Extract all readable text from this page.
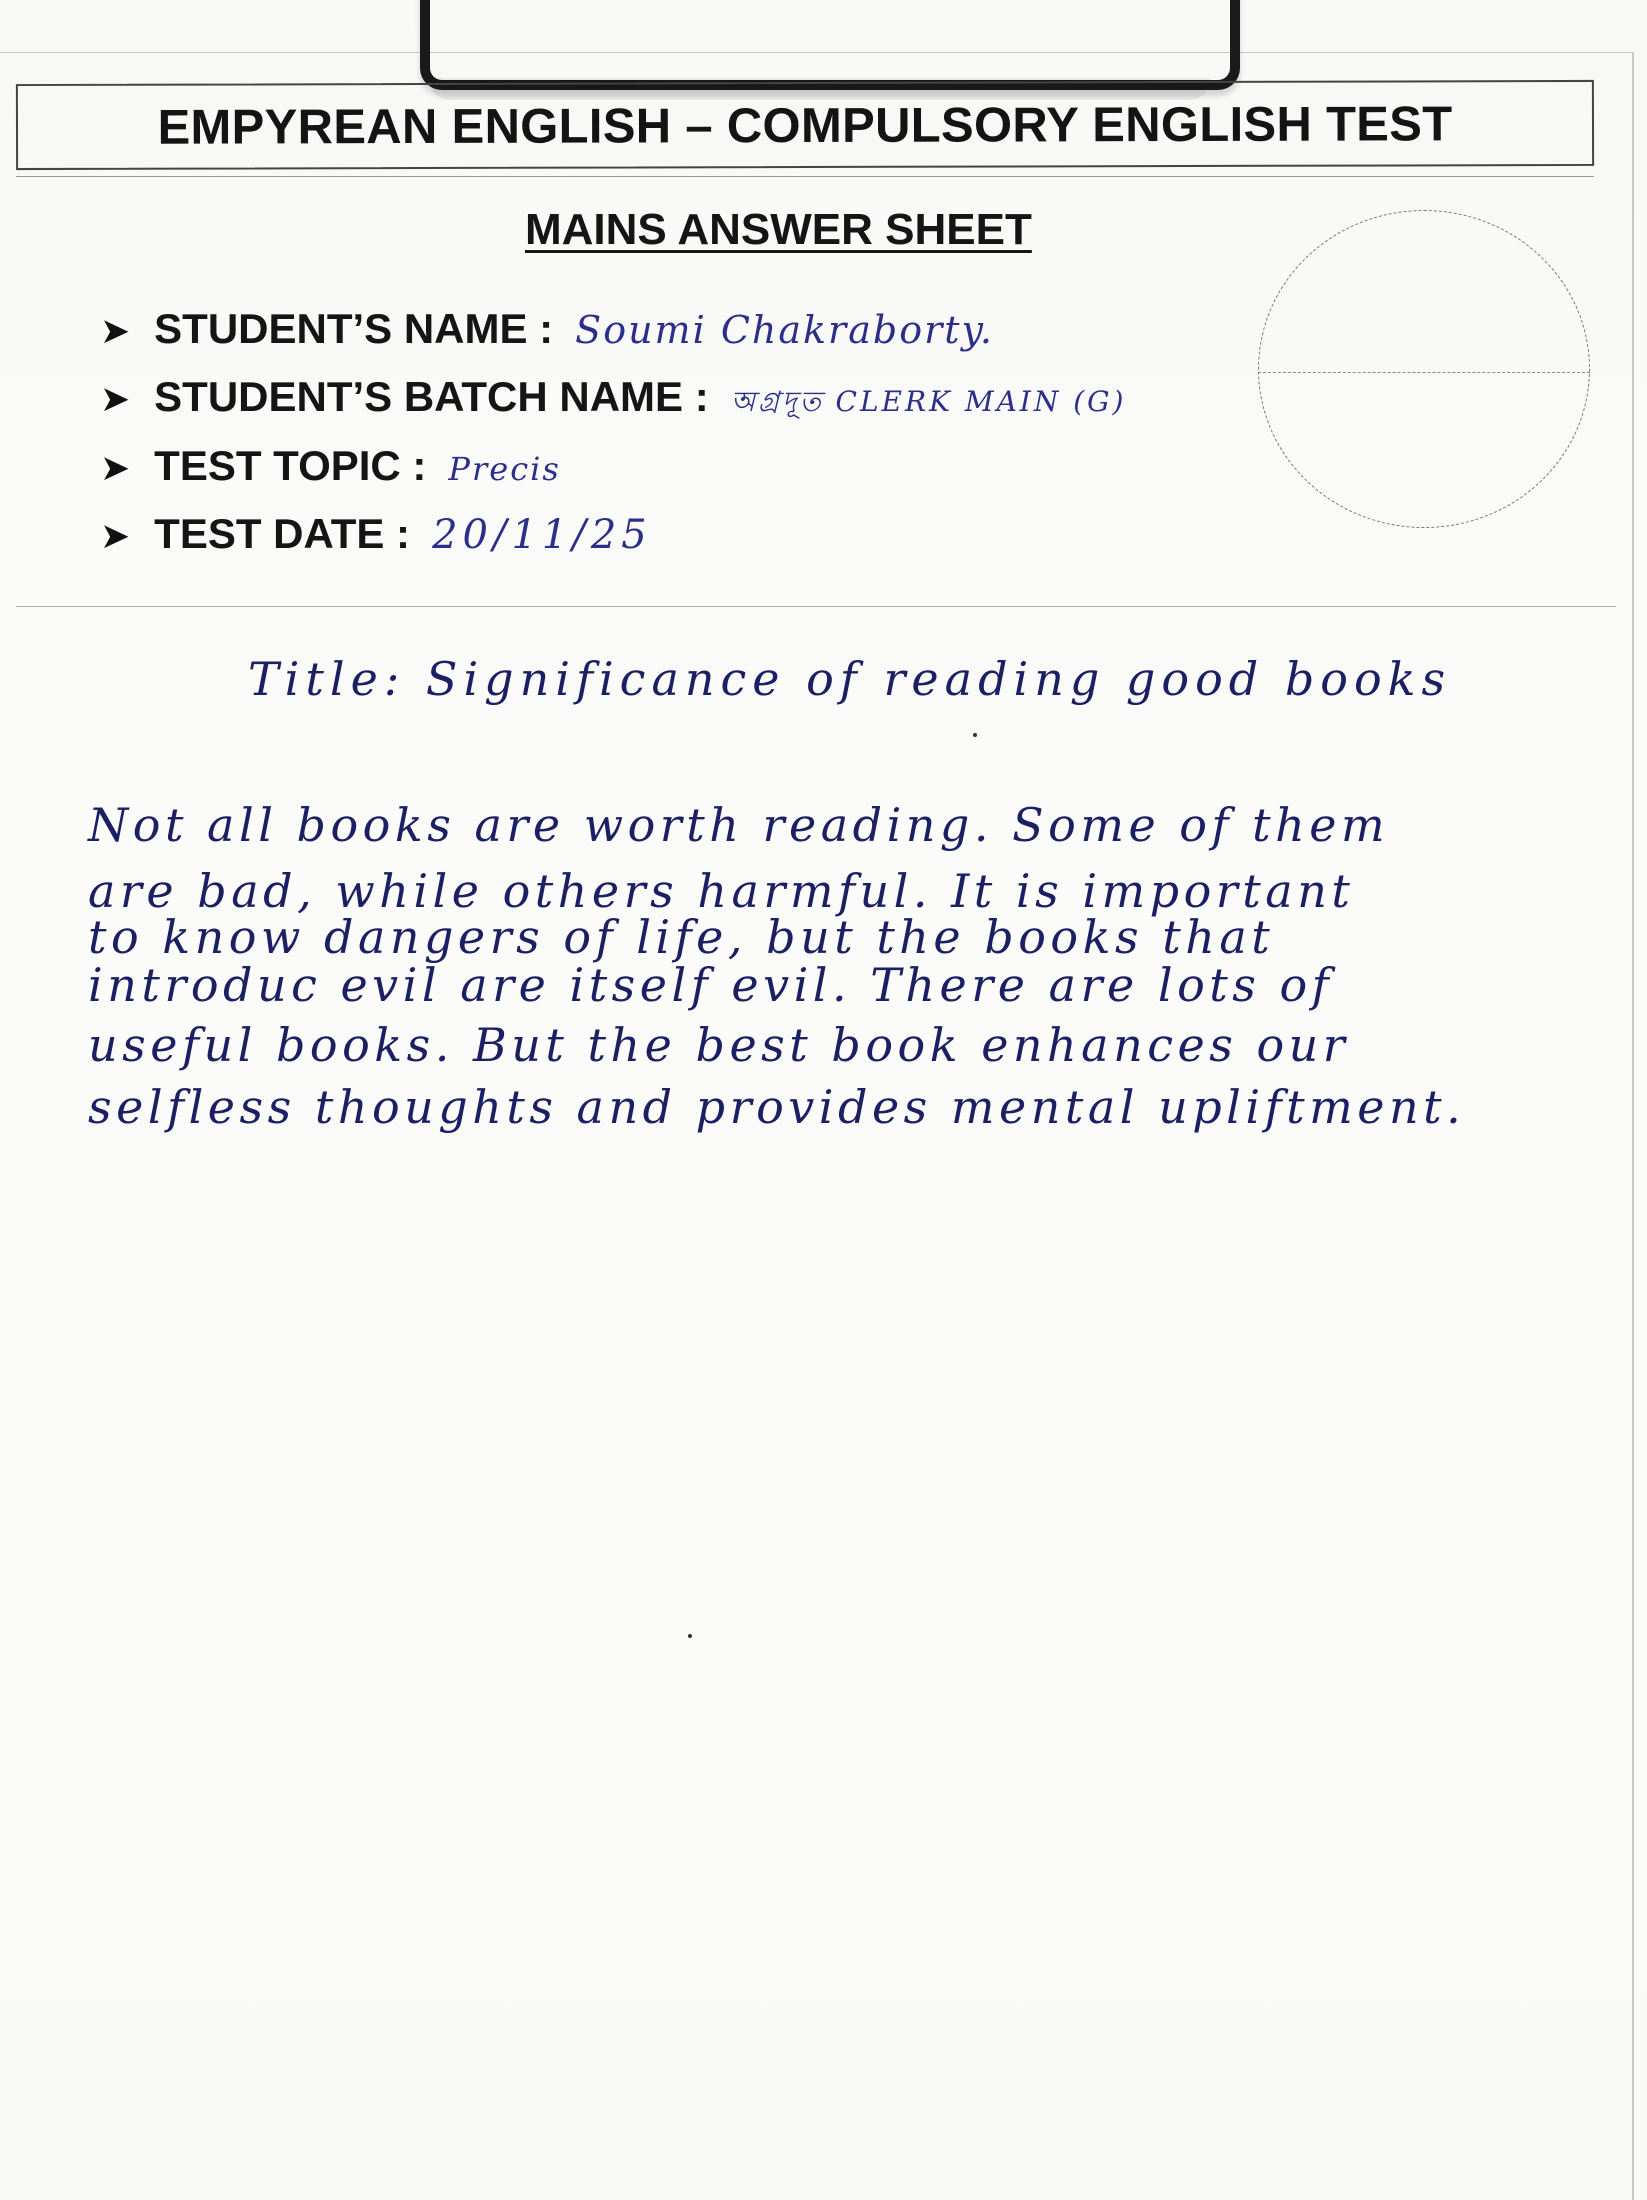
EMPYREAN ENGLISH – COMPULSORY ENGLISH TEST
MAINS ANSWER SHEET
➤ STUDENT’S NAME : Soumi Chakraborty.
➤ STUDENT’S BATCH NAME : অগ্রদূত CLERK MAIN (G)
➤ TEST TOPIC : Precis
➤ TEST DATE : 20/11/25
Title: Significance of reading good books
Not all books are worth reading. Some of them
are bad, while others harmful. It is important
to know dangers of life, but the books that
introduc evil are itself evil. There are lots of
useful books. But the best book enhances our
selfless thoughts and provides mental upliftment.
